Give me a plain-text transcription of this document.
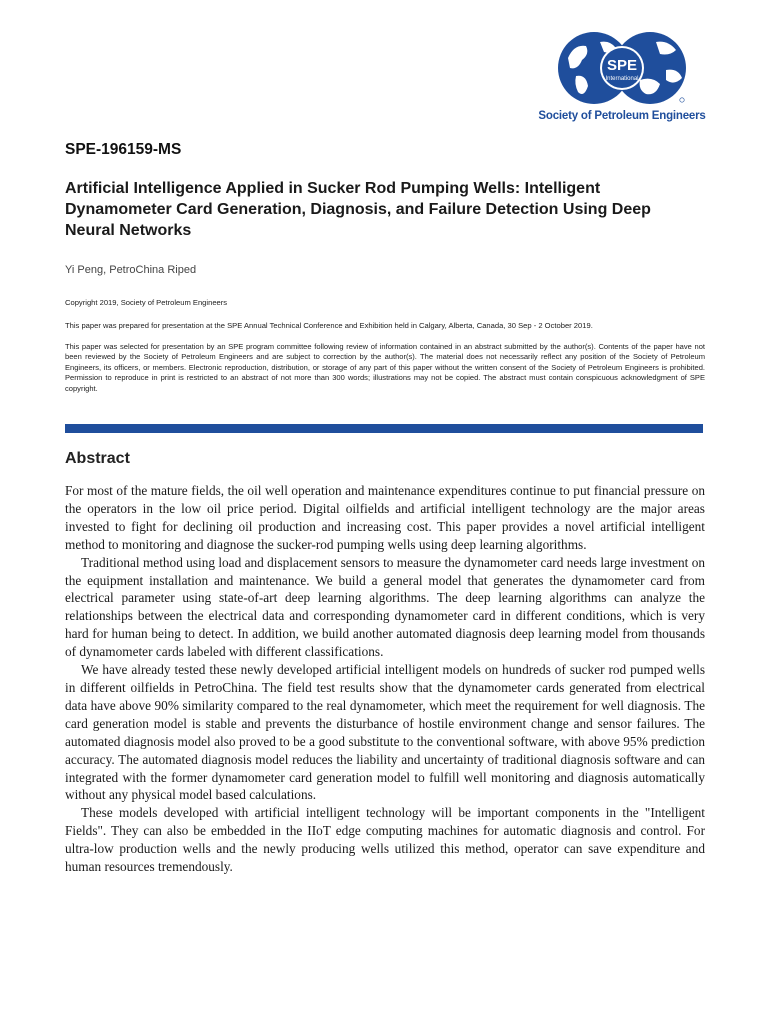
SPE
International
Society of Petroleum Engineers
SPE-196159-MS
Artificial Intelligence Applied in Sucker Rod Pumping Wells: Intelligent Dynamometer Card Generation, Diagnosis, and Failure Detection Using Deep Neural Networks
Yi Peng, PetroChina Riped
Copyright 2019, Society of Petroleum Engineers
This paper was prepared for presentation at the SPE Annual Technical Conference and Exhibition held in Calgary, Alberta, Canada, 30 Sep - 2 October 2019.

This paper was selected for presentation by an SPE program committee following review of information contained in an abstract submitted by the author(s). Contents of the paper have not been reviewed by the Society of Petroleum Engineers and are subject to correction by the author(s). The material does not necessarily reflect any position of the Society of Petroleum Engineers, its officers, or members. Electronic reproduction, distribution, or storage of any part of this paper without the written consent of the Society of Petroleum Engineers is prohibited. Permission to reproduce in print is restricted to an abstract of not more than 300 words; illustrations may not be copied. The abstract must contain conspicuous acknowledgment of SPE copyright.

Abstract

For most of the mature fields, the oil well operation and maintenance expenditures continue to put financial pressure on the operators in the low oil price period. Digital oilfields and artificial intelligent technology are the major areas invested to fight for declining oil production and increasing cost. This paper provides a novel artificial intelligent method to monitoring and diagnose the sucker-rod pumping wells using deep learning algorithms.

Traditional method using load and displacement sensors to measure the dynamometer card needs large investment on the equipment installation and maintenance. We build a general model that generates the dynamometer card from electrical parameter using state-of-art deep learning algorithms. The deep learning algorithms can analyze the relationships between the electrical data and corresponding dynamometer card in different conditions, which is very hard for human being to detect. In addition, we build another automated diagnosis deep learning model from thousands of dynamometer cards labeled with different classifications.

We have already tested these newly developed artificial intelligent models on hundreds of sucker rod pumped wells in different oilfields in PetroChina. The field test results show that the dynamometer cards generated from electrical data have above 90% similarity compared to the real dynamometer, which meet the requirement for well diagnosis. The card generation model is stable and prevents the disturbance of hostile environment change and sensor failures. The automated diagnosis model also proved to be a good substitute to the conventional software, with above 95% prediction accuracy. The automated diagnosis model reduces the liability and uncertainty of traditional diagnosis software and can integrated with the former dynamometer card generation model to fulfill well monitoring and diagnosis automatically without any physical model based calculations.

These models developed with artificial intelligent technology will be important components in the "Intelligent Fields". They can also be embedded in the IIoT edge computing machines for automatic diagnosis and control. For ultra-low production wells and the newly producing wells utilized this method, operator can save expenditure and human resources tremendously.
